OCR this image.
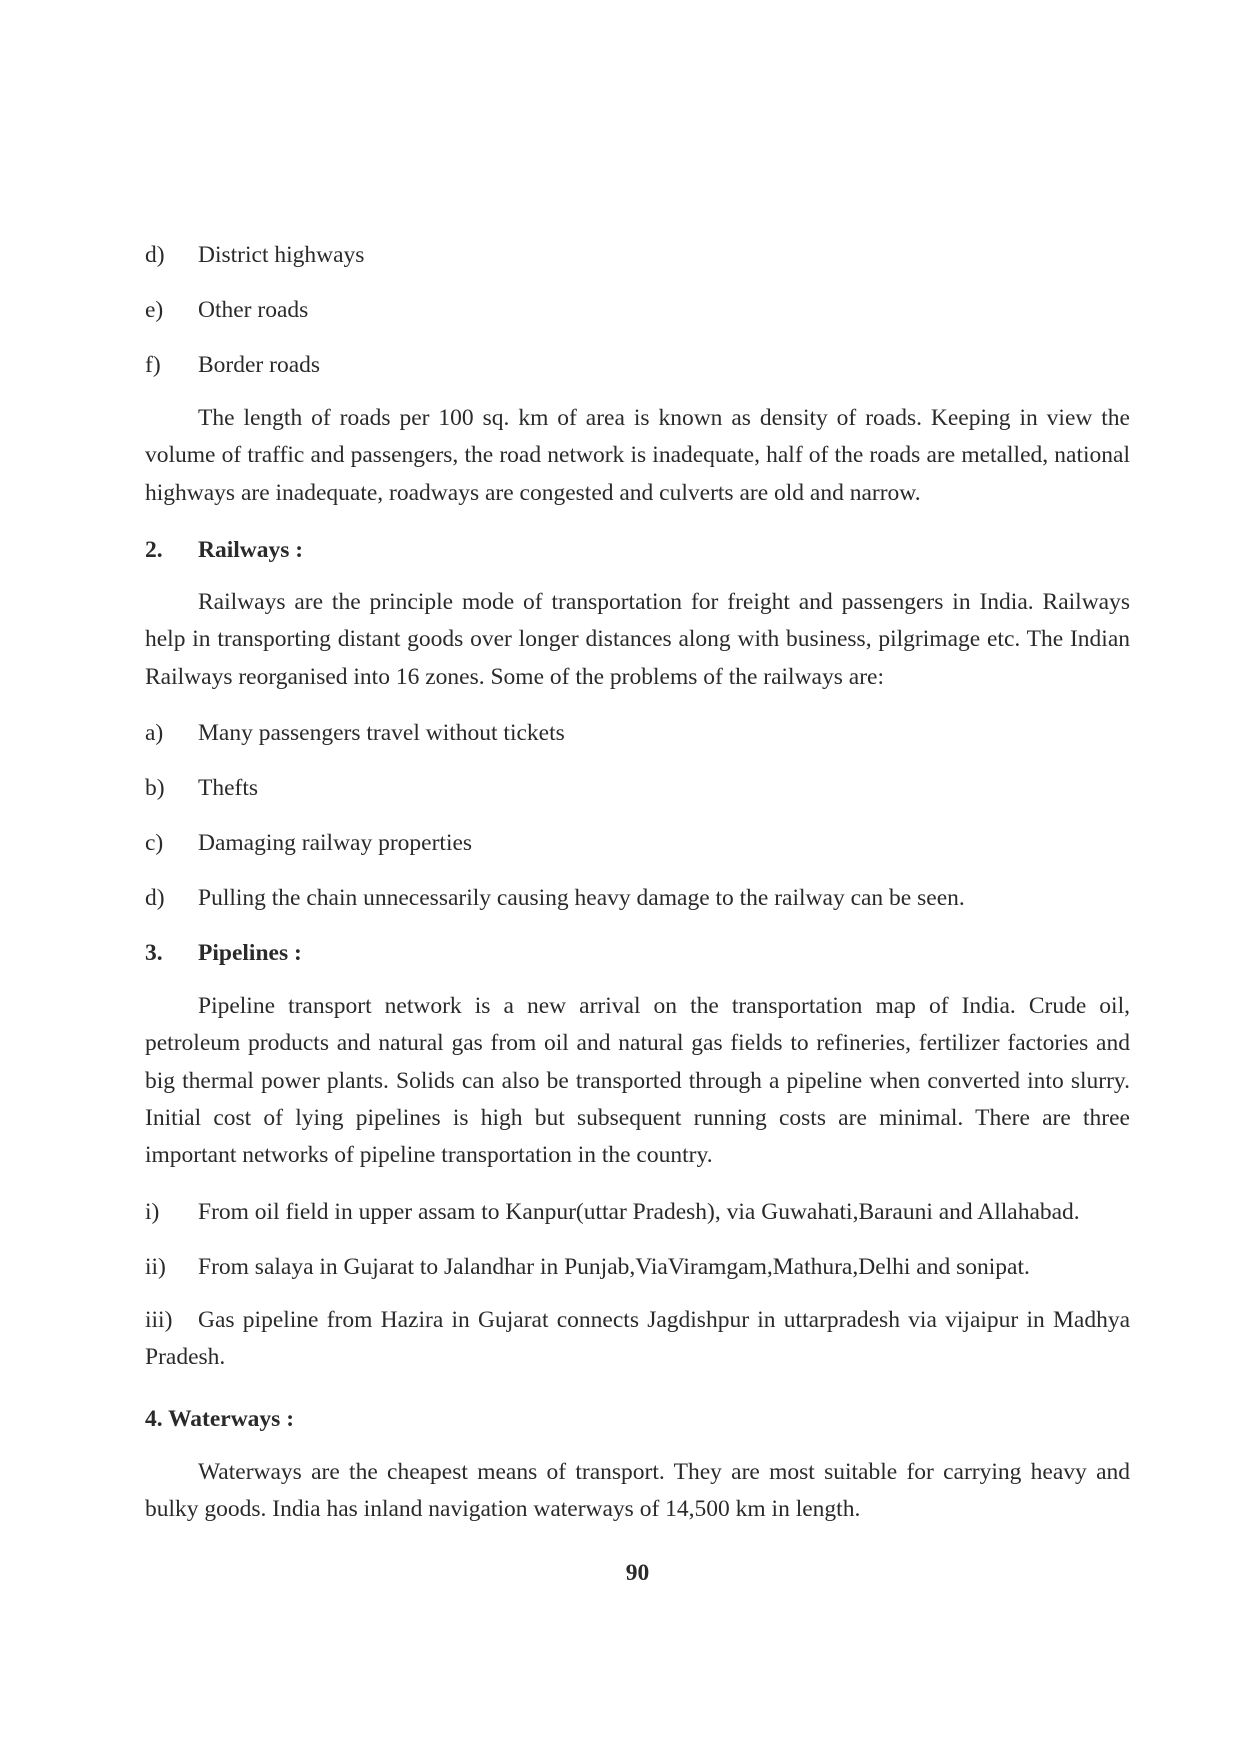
d) District highways
e) Other roads
f) Border roads
The length of roads per 100 sq. km of area is known as density of roads. Keeping in view the volume of traffic and passengers, the road network is inadequate, half of the roads are metalled, national highways are inadequate, roadways are congested and culverts are old and narrow.
2. Railways :
Railways are the principle mode of transportation for freight and passengers in India. Railways help in transporting distant goods over longer distances along with business, pilgrimage etc. The Indian Railways reorganised into 16 zones. Some of the problems of the railways are:
a) Many passengers travel without tickets
b) Thefts
c) Damaging railway properties
d) Pulling the chain unnecessarily causing heavy damage to the railway can be seen.
3. Pipelines :
Pipeline transport network is a new arrival on the transportation map of India. Crude oil, petroleum products and natural gas from oil and natural gas fields to refineries, fertilizer factories and big thermal power plants. Solids can also be transported through a pipeline when converted into slurry. Initial cost of lying pipelines is high but subsequent running costs are minimal. There are three important networks of pipeline transportation in the country.
i) From oil field in upper assam to Kanpur(uttar Pradesh), via Guwahati,Barauni and Allahabad.
ii) From salaya in Gujarat to Jalandhar in Punjab,ViaViramgam,Mathura,Delhi and sonipat.
iii) Gas pipeline from Hazira in Gujarat connects Jagdishpur in uttarpradesh via vijaipur in Madhya Pradesh.
4. Waterways :
Waterways are the cheapest means of transport. They are most suitable for carrying heavy and bulky goods. India has inland navigation waterways of 14,500 km in length.
90
